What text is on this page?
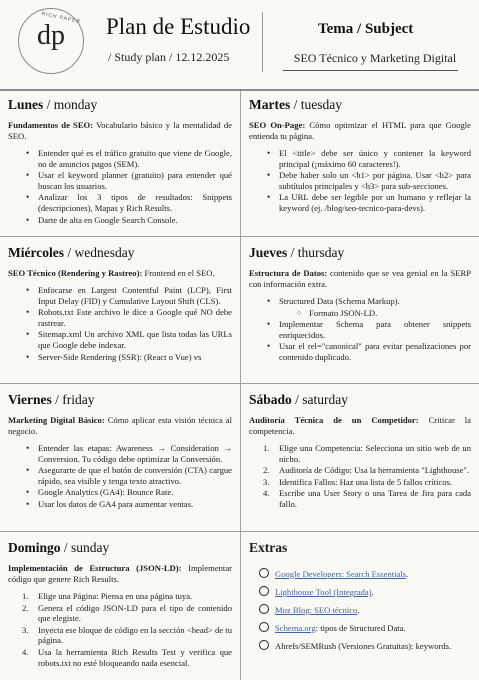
RICH PAPER
dp	Plan de Estudio
/ Study plan / 12.12.2025
Tema / Subject
SEO Técnico y Marketing Digital
Lunes / monday
Fundamentos de SEO: Vocabulario básico y la mentalidad de SEO.
• Entender qué es el tráfico gratuito que viene de Google, no de anuncios pagos (SEM).
• Usar el keyword planner (gratuito) para entender qué buscan los usuarios.
• Analizar los 3 tipos de resultados: Snippets (descripciones), Mapas y Rich Results.
• Darte de alta en Google Search Console.
Martes / tuesday
SEO On-Page: Cómo optimizar el HTML para que Google entienda tu página.
• El <title> debe ser único y contener la keyword principal (¡máximo 60 caracteres!).
• Debe haber solo un <h1> por página. Usar <h2> para subtítulos principales y <h3> para sub-secciones.
• La URL debe ser legible por un humano y reflejar la keyword (ej. /blog/seo-tecnico-para-devs).
Miércoles / wednesday
SEO Técnico (Rendering y Rastreo): Frontend en el SEO.
• Enfocarse en Largest Contentful Paint (LCP), First Input Delay (FID) y Cumulative Layout Shift (CLS).
• Robots.txt Este archivo le dice a Google qué NO debe rastrear.
• Sitemap.xml Un archivo XML que lista todas las URLs que Google debe indexar.
• Server-Side Rendering (SSR): (React o Vue) vs
Jueves / thursday
Estructura de Datos: contenido que se vea genial en la SERP con información extra.
• Structured Data (Schema Markup).
○ Formato JSON-LD.
• Implementar Schema para obtener snippets enriquecidos.
• Usar el rel="canonical" para evitar penalizaciones por contenido duplicado.
Viernes / friday
Marketing Digital Básico: Cómo aplicar esta visión técnica al negocio.
• Entender las etapas: Awareness → Consideration → Conversion. Tu código debe optimizar la Conversión.
• Asegurarte de que el botón de conversión (CTA) cargue rápido, sea visible y tenga texto atractivo.
• Google Analytics (GA4): Bounce Rate.
• Usar los datos de GA4 para aumentar ventas.
Sábado / saturday
Auditoría Técnica de un Competidor: Criticar la competencia.
1. Elige una Competencia: Selecciona un sitio web de un nicho.
2. Auditoría de Código: Usa la herramienta "Lighthouse".
3. Identifica Fallos: Haz una lista de 5 fallos críticos.
4. Escribe una User Story o una Tarea de Jira para cada fallo.
Domingo / sunday
Implementación de Estructura (JSON-LD): Implementar código que genere Rich Results.
1. Elige una Página: Piensa en una página tuya.
2. Genera el código JSON-LD para el tipo de contenido que elegiste.
3. Inyecta ese bloque de código en la sección <head> de tu página.
4. Usa la herramienta Rich Results Test y verifica que robots.txt no esté bloqueando nada esencial.
Extras
Google Developers: Search Essentials.
Lighthouse Tool (Integrada).
Moz Blog: SEO técnico.
Schema.org: tipos de Structured Data.
Ahrefs/SEMRush (Versiones Gratuitas): keywords.
